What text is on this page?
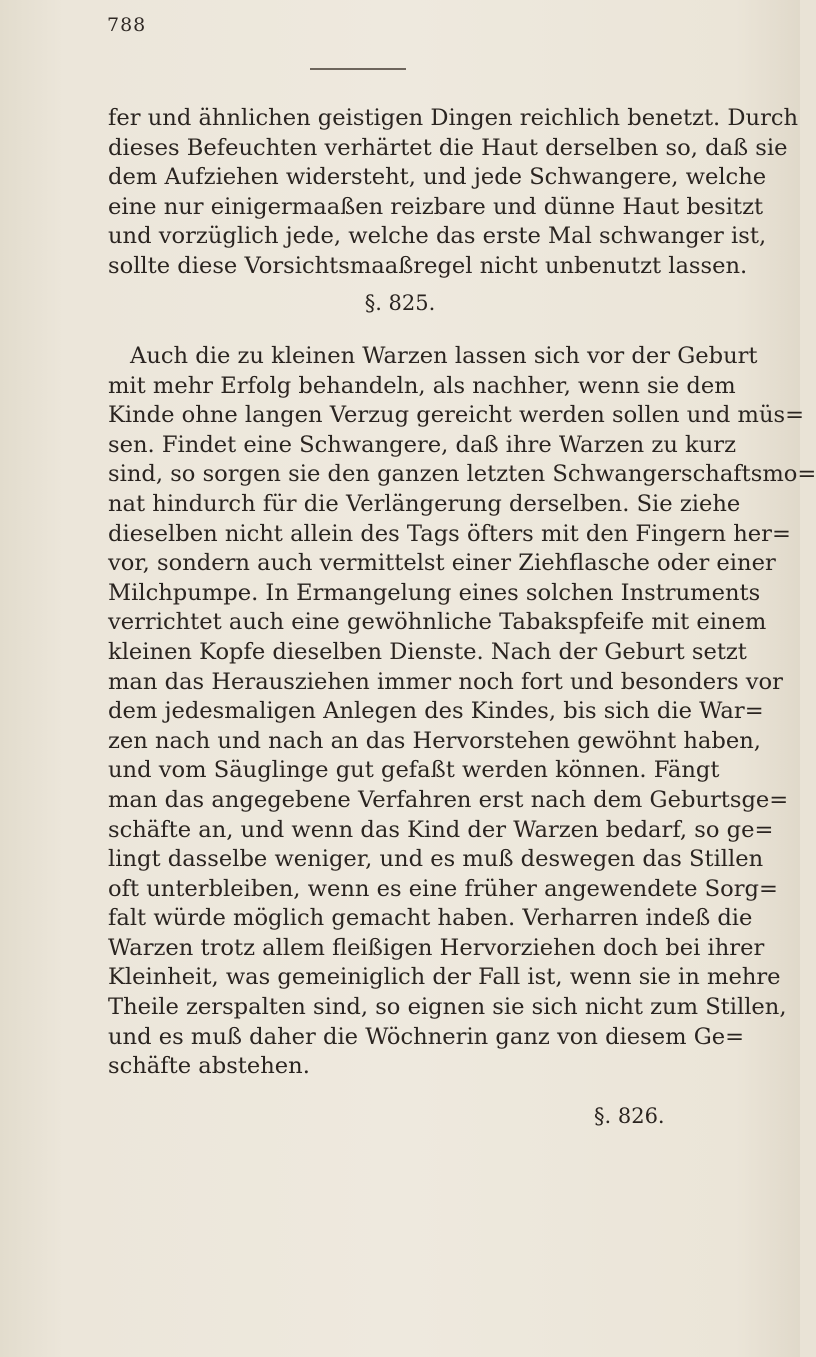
788
fer und ähnlichen geistigen Dingen reichlich benetzt. Durch
dieses Befeuchten verhärtet die Haut derselben so, daß sie
dem Aufziehen widersteht, und jede Schwangere, welche
eine nur einigermaaßen reizbare und dünne Haut besitzt
und vorzüglich jede, welche das erste Mal schwanger ist,
sollte diese Vorsichtsmaaßregel nicht unbenutzt lassen.
§. 825.
Auch die zu kleinen Warzen lassen sich vor der Geburt
mit mehr Erfolg behandeln, als nachher, wenn sie dem
Kinde ohne langen Verzug gereicht werden sollen und müs=
sen. Findet eine Schwangere, daß ihre Warzen zu kurz
sind, so sorgen sie den ganzen letzten Schwangerschaftsmo=
nat hindurch für die Verlängerung derselben. Sie ziehe
dieselben nicht allein des Tags öfters mit den Fingern her=
vor, sondern auch vermittelst einer Ziehflasche oder einer
Milchpumpe. In Ermangelung eines solchen Instruments
verrichtet auch eine gewöhnliche Tabakspfeife mit einem
kleinen Kopfe dieselben Dienste. Nach der Geburt setzt
man das Herausziehen immer noch fort und besonders vor
dem jedesmaligen Anlegen des Kindes, bis sich die War=
zen nach und nach an das Hervorstehen gewöhnt haben,
und vom Säuglinge gut gefaßt werden können. Fängt
man das angegebene Verfahren erst nach dem Geburtsge=
schäfte an, und wenn das Kind der Warzen bedarf, so ge=
lingt dasselbe weniger, und es muß deswegen das Stillen
oft unterbleiben, wenn es eine früher angewendete Sorg=
falt würde möglich gemacht haben. Verharren indeß die
Warzen trotz allem fleißigen Hervorziehen doch bei ihrer
Kleinheit, was gemeiniglich der Fall ist, wenn sie in mehre
Theile zerspalten sind, so eignen sie sich nicht zum Stillen,
und es muß daher die Wöchnerin ganz von diesem Ge=
schäfte abstehen.
§. 826.
